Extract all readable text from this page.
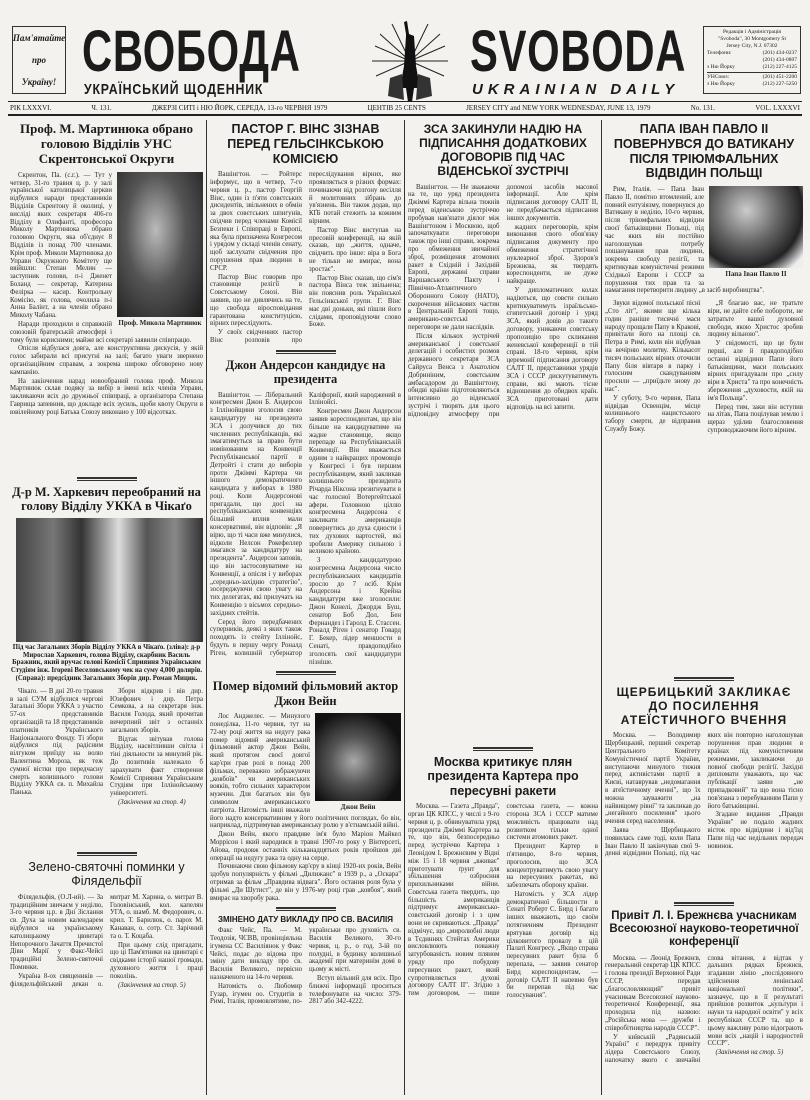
Пам'ятайте
про
Україну! СВОБОДА
УКРАЇНСЬКИЙ ЩОДЕННИК
SVOBODA
UKRAINIAN DAILY
Редакція і Адміністрація
"Svoboda", 30 Montgomery St
Jersey City, N.J. 07302
Телефони:	(201) 434-0237
(201) 434-0807
з Ню Йорку	(212) 227-4125
УНСоюз:	(201) 451-2200
з Ню Йорку	(212) 227-5250
РІК LXXXVI.	Ч. 131.	ДЖЕРЗІ СИТІ і НЮ ЙОРК, СЕРЕДА, 13-го ЧЕРВНЯ 1979	ЦЕНТІВ 25 CENTS	JERSEY CITY and NEW YORK WEDNESDAY, JUNE 13, 1979	No. 131.	VOL. LXXXVI
Проф. М. Мартинюка обрано головою Відділів УНС Скрентонської Округи
Проф. Микола Мартинюк

Скрентон, Па. (с.г.). — Тут у четвер, 31-го травня ц. р. у залі української католицької церкви відбулися наради представників Відділів Скрентону й околиці, у висліді яких секретаря 406-го Відділу в Олифанті, професора Миколу Мартинюка обрано головою Округи, яка об'єднує 8 Відділів із понад 700 членами. Крім проф. Миколи Мартинюка до Управи Окружного Комітету ще ввійшли: Степан Мелин — заступник голови, п-і Дженет Боланд — секретар, Катерина Фелірка — касир. Контрольну Комісію, як голова, очолила п-і Анна Балінт, а на членів обрано Миколу Чабана.

Наради проходили в справжній союзовій братерській атмосфері і тому були корисними; майже всі секретарі заявили співпрацю.

Опісля відбулася довга, але конструктивна дискусія, у якій голос забирали всі присутні на залі; багато уваги звернено організаційним справам, а зокрема широко обговорено нову кампанію.

На закінчення нарад новообраний голова проф. Микола Мартинюк склав подяку за вибір в імені всіх членів Управи, закликаючи всіх до дружньої співпраці, а організатора Степана Гаврища запевнив, що докладе всіх зусиль, щоби квоту Округи в ювілейному році Батька Союзу виконано у 100 відсотках.

Д-р М. Харкевич переобраний на голову Відділу УККА в Чікаґо
Під час Загальних Зборів Відділу УККА в Чікаґо. (зліва): д-р Мирослав Харкевич, голова Відділу, скарбник Василь Бражник, який вручає голові Комісії Сприяння Українським Студіям інж. Ігореві Веселовському чек на суму 4,000 долярів. (Справа): предсідник Загальних Зборів дир. Роман Мицик.

Чікаґо. — В дні 20-го травня в залі СУМ відбулися чергові Загальні Збори УККА з участю 57-ох представників організацій та 18 представників платників Українського Національного Фонду. Ті збори відбулися під радісним вілгуком приїзду на волю Валентина Мороза, як теж сумної вістки про передчасну смерть колишнього голови Відділу УККА св. п. Михайла Панька.

Збори відкрив і вів дир. Юзефович і дир. Петра Семкова, а на секретаря інж. Василя Голода, який прочитав вичерпний звіт з останніх загальних зборів.

Відтак звітував голова Відділу, насвітливши світла і тіні діяльности за минулий рік. До позитивів належало б зарахувати факт створення Комісії Сприяння Українським Студіям при Іллінойському університеті.

(Закінчення на стор. 4)

Зелено-святочні поминки у Філядельфії

Філядельфія, (О.Л-ий). — За традиційним звичаєм у неділю, 3-го червня ц.р. в Дні Зіслання св. Духа за новим календарем відбулися на українському католицькому цвинтарі Непорочного Зачаття Пречистої Діви Марії у Факс-Чейсі традиційні Зелено-святочні Поминки.

Україна 8-ох священиків — філядельфійський декан о. митрат М. Харина, о. митрат В. Головінський, кол. капелян УГА, о. шамб. М. Федорович, о. крил. Т. Барилюк, о. парох М. Канаван, о. сотр. Ст. Зарічний та о. Т. Коцаба.

При цьому слід пригадати, що ці Пам'ятники на цвинтарі є свідками історії нашої громади, духовного життя і праці поколінь.

(Закінчення на стор. 5)

ПАСТОР Г. ВІНС ЗІЗНАВ ПЕРЕД ГЕЛЬСІНКСЬКОЮ КОМІСІЄЮ

Вашінгтон. — Ройтерс інформує, що в четвер, 7-го червня ц. р., пастор Георгій Вінс, один із п'яти совєтських дисидентів, звільнених в обмін за двох совєтських шпигунів, свідчив перед членами Комісії Безпеки і Співпраці в Европі, яка була призначена Конгресом і урядом у складі членів сенату, щоб заслухати свідчення про порушення прав людини в СРСР.

Пастор Вінс говорив про становище релігії в Совєтському Союзі. Він заявив, що не дивлячись на те, що свобода віросповідання гарантована конституцією, вірних переслідують.

У своїх свідченнях пастор Вінс розповів про переслідування вірних, яке проявляється в різних формах: починаючи від розгону весілля й молитовних зібрань до ув'язнень. Він також додав, що КҐБ потай стежить за кожним вірним.

Пастор Вінс виступав на пресовій конференції, на якій сказав, що „життя, одначе, свідчить про інше: віра в Бога не тільки не вмирає, вона зростає".

Пастор Вінс сказав, що сім'я пастора Вінса теж звільнена; він пояснив роль Української Гельсінкської групи. Г. Вінс має дві доньки, які пішли його слідами, проповідуючи слово Боже.

Джон Андерсон кандидує на президента

Вашінгтон. — Ліберальний конгресмен Джон Б. Андерсон з Іллінойщини зголосив свою кандидатуру на президента ЗСА і долучився до тих численних республіканців, які змагатимуться за право бути номінованим на Конвенції Республіканської партії в Детройті і стати до виборів проти Джіммі Картера чи іншого демократичного кандидата у виборах в 1980 році. Коли Андерсонові пригадали, що досі на республіканських конвенціях більший вплив мали консервативні, він відповів: „Я вірю, що ті часи вже минулися, відколи Нелсон Рокефеллер змагався за кандидатуру на президента". Андерсон заповів, що він застосовуватиме на Конвенції, а опісля і у виборах „середньо-західню стратегію", зосереджуючи свою увагу на тих делегатах, які прилучать на Конвенцію з вісьмох середньо-західних стейтів.

Серед його передбачених суперників, деякі з яких також походять із стейту Іллінойс, будуть в першу чергу Роналд Ріген, колишній губернатор Каліфорнії, який народжений в Іллінойсі.

Конгресмен Джон Андерсон заявив кореспондентам, що він більше на кандидуватиме на жадне становище, якщо перепаде на Республіканській Конвенції. Він вважається одним з найкращих промовців у Конгресі і був першим республіканцем, який закликав колишнього президента Річарда Ніксона зрезигнувати в час голосної Вотергейтської афери. Головною ціллю конгресмена Андерсона є закликати американців повернутись до духа єдности і тих духових вартостей, які зробили Америку сильною і великою країною.

З кандидатурою конгресмена Андерсона число республіканських кандидатів зросло до 7 осіб. Крім Андерсона і Крейна кандидатури вже зголосили: Джон Конелі, Джордж Буш, сенатор Боб Дол, Бен Фернандез і Гаролд Е. Стассен. Роналд Ріген і сенатор Говард Г. Бекер, лідер меншости в Сенаті, правдоподібно зголосять свої кандидатури пізніше.

Помер відомий фільмовий актор Джон Вейн
Джон Вейн

Лос Анджелес. — Минулого понеділка, 11-го червня, тут на 72-му році життя на недугу рака помер відомий американський фільмовий актор Джон Вейн, який протягом своєї довгої кар'єри грав ролі в понад 200 фільмах, переважно зображуючи „ковбоїв" чи американських вояків, тобто сильних характером мужчин. Для багатьох він був символом американського патріота. Натомість інші вважали його надто консервативним у його політичних поглядах, бо він, наприклад, підтримував американську ролю у в'єтнамській війні.

Джон Вейн, якого правдиве ім'я було Маріон Майкел Моррісон і який народився в травні 1907-го року у Вінтерсеті, Айова, продовж останніх кільканадцятьох років пройшов дві операції на недугу рака та одну на серце.

Починаючи свою фільмову кар'єру в кінці 1920-их років, Вейн здобув популярність у фільмі „Дилижанс" в 1939 р., а „Оскара" отримав за фільм „Правдива відвага". Його остання роля була у фільмі „Ди Шутист", де він у 1976-му році грав „ковбоя", який вмирає на хворобу рака.

ЗМІНЕНО ДАТУ ВИКЛАДУ ПРО СВ. ВАСИЛІЯ

Факс Чейс, Па. — М. Теодозія, ЧСВВ, провінціяльна ігумена СС Василіянок у Факс Чейсі, подає до відома про зміну дати викладу про св. Василія Великого, первісно назначеного на 14-го червня.

Натомість о. Любомир Гузар, ігумен оо. Студитів в Римі, Італія, промовлятиме, по-українськи про духовість св. Василія Великого, 30-го червня, ц. р., о год. 3-ій по полудні, в будинку колишньої академії при материнім домі в цьому ж місті.

Вступ вільний для всіх. Про ближчі інформації проситься телефонувати на число: 379-2817 або 342-4222.

ЗСА ЗАКИНУЛИ НАДІЮ НА ПІДПИСАННЯ ДОДАТКОВИХ ДОГОВОРІВ ПІД ЧАС ВІДЕНСЬКОЇ ЗУСТРІЧІ

Вашінгтон. — Не зважаючи на те, що уряд президента Джіммі Картера вільна тижнів перед віденською зустріччю пробував нав'язати діялог між Вашінгтоном і Москвою, щоб започаткувати переговори також про інші справи, зокрема про обмеження звичайної зброї, розміщення атомових ракет в Східній і Західній Европі, державні справи Варшавського Пакту і Північно-Атлантичного Оборонного Союзу (НАТО), скорочення військових частин в Центральній Европі тощо, американо-совєтські переговори не дали наслідків.

Після кількох зустрічей американської і совєтської делегацій і особистих розмов державного секретаря ЗСА Сайруса Венса з Анатолієм Добриніним, совєтським амбасадором до Вашінгтону, обидві країни підготовляються інтенсивно до віденської зустрічі і творять для цього відповідну атмосферу при допомозі засобів масової інформації. Але крім підписання договору САЛТ II, не передбачається підписання інших документів.

жадних переговорів, крім виконання свого обов'язку підписання документу про обмеження стратегічної нуклеарної зброї. Здоров'я Брежнєва, як твердять кореспонденти, не дуже найкраще.

У дипломатичних колах надіються, що совєти сильно критикуватимуть ізраїльсько-єгипетський договір і уряд ЗСА, який довів до такого договору, уникаючи совєтську пропозицію про скликання женевської конференції в тій справі. 18-го червня, крім церемонії підписання договору САЛТ II, представники урядів ЗСА і СССР дискутуватимуть справи, які мають тісне відношення до обидвох країн. ЗСА приготовані дати відповідь на всі запити.

Москва критикує плян президента Картера про пересувні ракети

Москва. — Газета „Правда", орган ЦК КПСС, у числі з 9-го червня ц. р. обвинуватила уряд президента Джіммі Картера за те, що він, безпосередньо перед зустріччю Картера з Леонідом І. Брежнєвим у Відні між 15 і 18 червня „вживає" приготувати ґрунт для збільшення озброєння прихильниками війни. Совєтська газета твердить, що більшість американців підтримує американсько-совєтський договір і з цим вони не скриваються. „Правда" відмічує, що „миролюбні люди в Тєдиннях Стейтах Америки висловлюють поважну затурбованість новим пляном уряду про побудову пересувних ракет, який супротивляється духові договору САЛТ II". Згідно з тим договором, — пише совєтська газета, — кожна сторона ЗСА і СССР матиме можливість працювати над розвитком тільки одної системи атомових ракет.

Президент Картер в п'ятницю, 8-го червня, проголосив, що ЗСА концентруватимуть свою увагу на пересувних ракетах, які забезпечать оборону країни.

Натомість у ЗСА лідер демократичної більшости в Сенаті Роберт С. Бирд і багато інших вважають, що своїм потягненням Президент врятував договір від цілковитого провалу в цій Палаті Конгресу. „Якщо справа пересувних ракет була б перепала, — заявив сенатор Бирд кореспондентам, — договір САЛТ II напевно був би перепав під час голосування".

ПАПА ІВАН ПАВЛО II ПОВЕРНУВСЯ ДО ВАТИКАНУ ПІСЛЯ ТРІЮМФАЛЬНИХ ВІДВІДИН ПОЛЬЩІ
Папа Іван Павло II

Рим, Італія. — Папа Іван Павло II, помітно втомлений, але повний ентузіязму, повернувся до Ватикану в неділю, 10-го червня, після тріюмфальних відвідин своєї батьківщини Польщі, під час яких він постійно наголошував потребу пошанування прав людини, зокрема свободу релігії, та критикував комуністичні режими Східньої Европи і СССР за порушення тих прав та за намагання перетворити людину „в засіб виробництва".

Звуки відомої польської пісні „Сто літ", якими ще кілька годин раніше тисячні маси народу прощали Папу в Кракові, привітали його на площі св. Петра в Римі, коли він відбував на вечірню молитву. Кількасот тисяч польських вірних оточили Папу біля вівтаря в парку і голосним скандуванням просили — „приїдьте знову до нас".

У суботу, 9-го червня, Папа відвідав Освенцім, місце колишнього нацистського табору смерти, де відправив Службу Божу.

„Я благаю вас, не тратьте віри, не дайте себе поборoти, не затратьте вашої духовної свободи, якою Христос зробив людину вільною".

У свідомості, що це були перші, але й правдоподібно останні відвідини Папи його батьківщини, маси польських вірних пригадували про „силу віри в Христа" та про конечність збереження „духовости, якій на ім'я Польща".

Перед тим, заки він вступив на літак, Папа поцілував землю і щераз уділив благословення супроводжаючим його вірним.

ЩЕРБИЦЬКИЙ ЗАКЛИКАЄ ДО ПОСИЛЕННЯ АТЕЇСТИЧНОГО ВЧЕННЯ

Москва. — Володимир Щербицький, перший секретар Центрального Комітету Комуністичної партії України, виступаючи минулого тижня перед активістами партії в Києві, натаврував „недомагання в атеїстичному вченні", що їх можна зауважити „на найвищому рівні" та закликав до „негайного посилення" цього вчення серед населення.

Заява Щербицького появилась саме тоді, коли Папа Іван Павло II закінчував свої 9-денні відвідини Польщі, під час яких він повторно наголошував порушення прав людини в країнах під комуністичним режимами, закликаючи до повної свободи релігії. Західні дипломати уважають, що час публікації заяви „не припадковий" та що вона тісно пов'язана з перебуванням Папи у його батьківщині.

Згадане видання „Правди України" не подало жадних вісток про відвідини і від'їзд Папи під час недільних передач новинок.

Привіт Л. І. Брежнєва учасникам Всесоюзної науково-теоретичної конференції

Москва. — Леонід Брежнєв, генеральний секретар ЦК КПСС і голова президії Верховної Ради СССР, передав „благословляющий" привіт учасникам Всесоюзної науково-теоретичної Конференції, яка проходила під назвою: „Російська мова — дружби і співробітництва народів СССР".

У київській „Радянській Україні" є передрук привіту лідера Совєтського Союзу, напочатку якого є звичайні слова вітання, а відтак у дальших рядках Брежнєв, згадавши лінію „послідовного здійснення ленінської національної політики", зазначує, що в її результаті прийшов розвиток „культури і науки та народної освіти" у всіх республіках СССР та, що в цьому важливу ролю відограють мови всіх „націй і народностей СССР".

(Закінчення на стор. 5)
